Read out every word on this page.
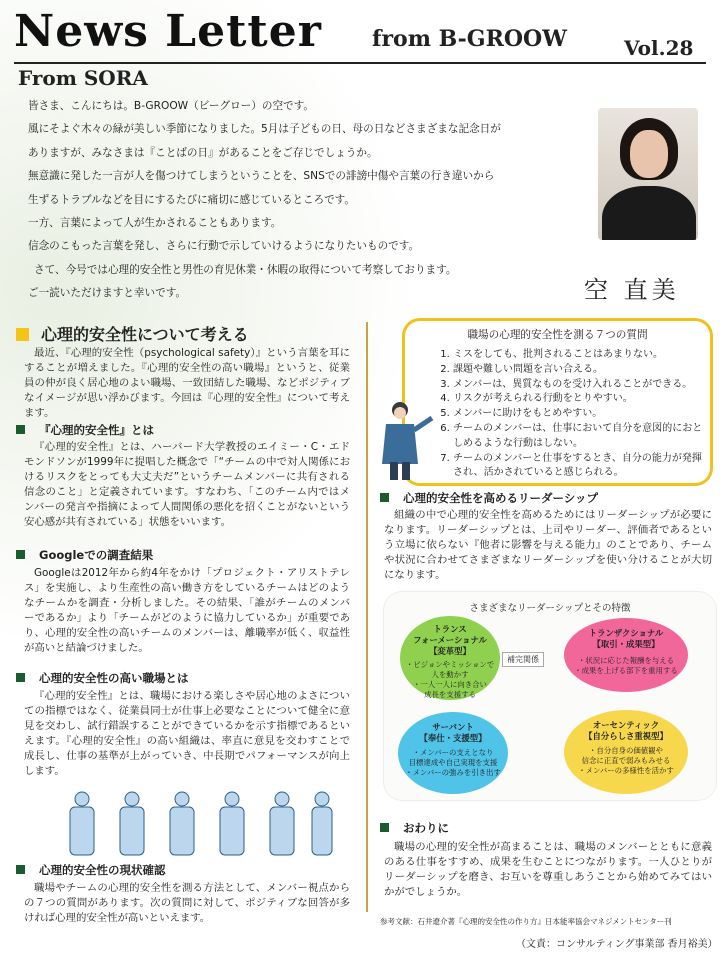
News Letter from B-GROOW	Vol.28
From SORA

皆さま、こんにちは。B-GROOW（ビーグロー）の空です。

風にそよぐ木々の緑が美しい季節になりました。5月は子どもの日、母の日などさまざまな記念日が

ありますが、みなさまは『ことばの日』があることをご存じでしょうか。

無意識に発した一言が人を傷つけてしまうということを、SNSでの誹謗中傷や言葉の行き違いから

生ずるトラブルなどを目にするたびに痛切に感じているところです。

一方、言葉によって人が生かされることもあります。

信念のこもった言葉を発し、さらに行動で示していけるようになりたいものです。

さて、今号では心理的安全性と男性の育児休業・休暇の取得について考察しております。

ご一読いただけますと幸いです。	空 直美
心理的安全性について考える
最近、『心理的安全性（psychological safety）』という言葉を耳にすることが増えました。『心理的安全性の高い職場』というと、従業員の仲が良く居心地のよい職場、一致団結した職場、などポジティブなイメージが思い浮かびます。今回は『心理的安全性』について考えます。
『心理的安全性』とは
『心理的安全性』とは、ハーバード大学教授のエイミー・C・エドモンドソンが1999年に提唱した概念で「“チームの中で対人関係におけるリスクをとっても大丈夫だ”というチームメンバーに共有される信念のこと」と定義されています。すなわち、「このチーム内ではメンバーの発言や指摘によって人間関係の悪化を招くことがないという安心感が共有されている」状態をいいます。
Googleでの調査結果
Googleは2012年から約4年をかけ「プロジェクト・アリストテレス」を実施し、より生産性の高い働き方をしているチームはどのようなチームかを調査・分析しました。その結果、「誰がチームのメンバーであるか」より「チームがどのように協力しているか」が重要であり、心理的安全性の高いチームのメンバーは、離職率が低く、収益性が高いと結論づけました。
心理的安全性の高い職場とは
『心理的安全性』とは、職場における楽しさや居心地のよさについての指標ではなく、従業員同士が仕事上必要なことについて健全に意見を交わし、試行錯誤することができているかを示す指標であるといえます。『心理的安全性』の高い組織は、率直に意見を交わすことで成長し、仕事の基準が上がっていき、中長期でパフォーマンスが向上します。
心理的安全性の現状確認
職場やチームの心理的安全性を測る方法として、メンバー視点からの７つの質問があります。次の質問に対して、ポジティブな回答が多ければ心理的安全性が高いといえます。
職場の心理的安全性を測る７つの質問
1. ミスをしても、批判されることはあまりない。
2. 課題や難しい問題を言い合える。
3. メンバーは、異質なものを受け入れることができる。
4. リスクが考えられる行動をとりやすい。
5. メンバーに助けをもとめやすい。
6. チームのメンバーは、仕事において自分を意図的におとしめるような行動はしない。
7. チームのメンバーと仕事をするとき、自分の能力が発揮され、活かされていると感じられる。
心理的安全性を高めるリーダーシップ
組織の中で心理的安全性を高めるためにはリーダーシップが必要になります。リーダーシップとは、上司やリーダー、評価者であるという立場に依らない『他者に影響を与える能力』のことであり、チームや状況に合わせてさまざまなリーダーシップを使い分けることが大切になります。
さまざまなリーダーシップとその特徴
トランス
フォーメーショナル
【変革型】
・ビジョンやミッションで
人を動かす
・一人一人に向き合い
成長を支援する
トランザクショナル
【取引・成果型】
・状況に応じた報酬を与える
・成果を上げる部下を重用する
補完関係
サーバント
【奉仕・支援型】
・メンバーの支えとなり
目標達成や自己実現を支援
・メンバーの強みを引き出す
オーセンティック
【自分らしさ重視型】
・自分自身の価値観や
信念に正直で弱みもみせる
・メンバーの多様性を活かす
おわりに
職場の心理的安全性が高まることは、職場のメンバーとともに意義のある仕事をすすめ、成果を生むことにつながります。一人ひとりがリーダーシップを磨き、お互いを尊重しあうことから始めてみてはいかがでしょうか。
参考文献：石井遼介著『心理的安全性の作り方』日本能率協会マネジメントセンター刊
（文責：コンサルティング事業部 香月裕美）
